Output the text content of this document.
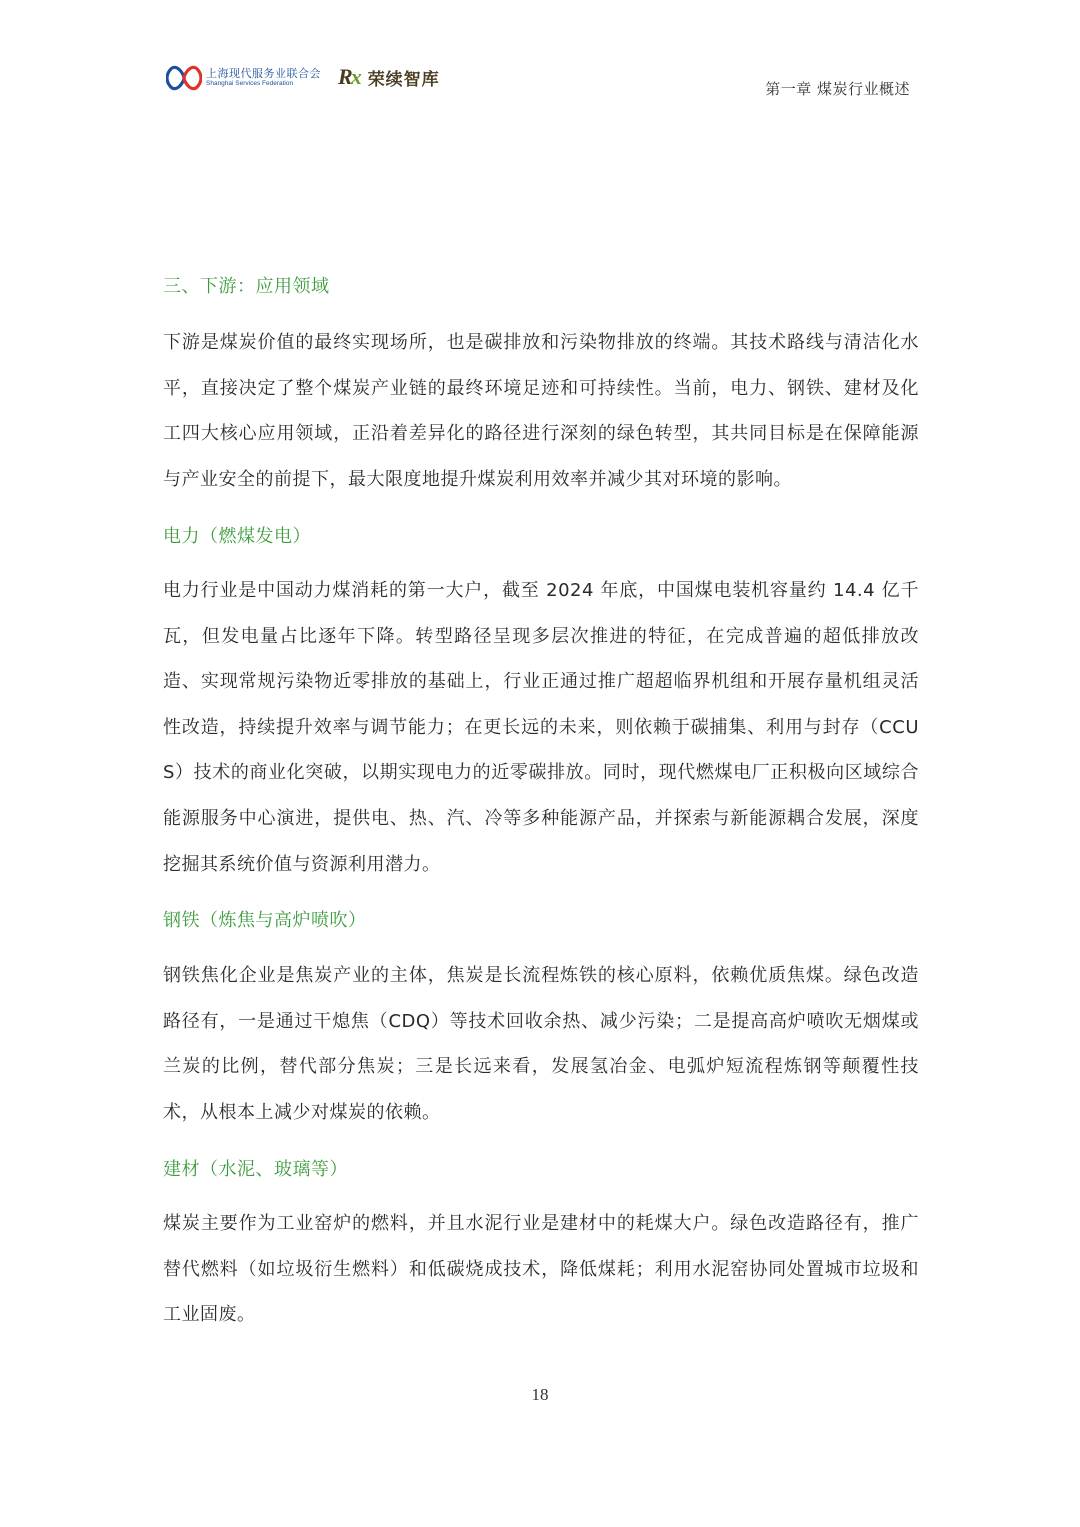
上海现代服务业联合会
Shanghai Services Federation	Rx 荣续智库	第一章 煤炭行业概述
三、下游：应用领域
下游是煤炭价值的最终实现场所，也是碳排放和污染物排放的终端。其技术路线与清洁化水平，直接决定了整个煤炭产业链的最终环境足迹和可持续性。当前，电力、钢铁、建材及化工四大核心应用领域，正沿着差异化的路径进行深刻的绿色转型，其共同目标是在保障能源与产业安全的前提下，最大限度地提升煤炭利用效率并减少其对环境的影响。
电力（燃煤发电）
电力行业是中国动力煤消耗的第一大户，截至 2024 年底，中国煤电装机容量约 14.4 亿千瓦，但发电量占比逐年下降。转型路径呈现多层次推进的特征，在完成普遍的超低排放改造、实现常规污染物近零排放的基础上，行业正通过推广超超临界机组和开展存量机组灵活性改造，持续提升效率与调节能力；在更长远的未来，则依赖于碳捕集、利用与封存（CCUS）技术的商业化突破，以期实现电力的近零碳排放。同时，现代燃煤电厂正积极向区域综合能源服务中心演进，提供电、热、汽、冷等多种能源产品，并探索与新能源耦合发展，深度挖掘其系统价值与资源利用潜力。
钢铁（炼焦与高炉喷吹）
钢铁焦化企业是焦炭产业的主体，焦炭是长流程炼铁的核心原料，依赖优质焦煤。绿色改造路径有，一是通过干熄焦（CDQ）等技术回收余热、减少污染；二是提高高炉喷吹无烟煤或兰炭的比例，替代部分焦炭；三是长远来看，发展氢冶金、电弧炉短流程炼钢等颠覆性技术，从根本上减少对煤炭的依赖。
建材（水泥、玻璃等）
煤炭主要作为工业窑炉的燃料，并且水泥行业是建材中的耗煤大户。绿色改造路径有，推广替代燃料（如垃圾衍生燃料）和低碳烧成技术，降低煤耗；利用水泥窑协同处置城市垃圾和工业固废。
18
